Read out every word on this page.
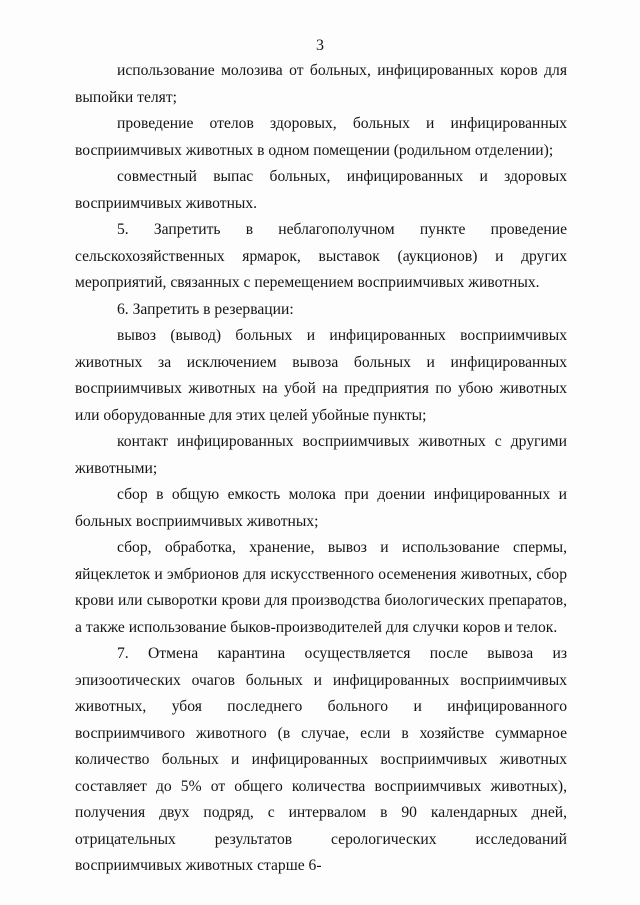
3

использование молозива от больных, инфицированных коров для выпойки телят;

проведение отелов здоровых, больных и инфицированных восприимчивых животных в одном помещении (родильном отделении);

совместный выпас больных, инфицированных и здоровых восприимчивых животных.

5. Запретить в неблагополучном пункте проведение сельскохозяйственных ярмарок, выставок (аукционов) и других мероприятий, связанных с перемещением восприимчивых животных.

6. Запретить в резервации:

вывоз (вывод) больных и инфицированных восприимчивых животных за исключением вывоза больных и инфицированных восприимчивых животных на убой на предприятия по убою животных или оборудованные для этих целей убойные пункты;

контакт инфицированных восприимчивых животных с другими животными;

сбор в общую емкость молока при доении инфицированных и больных восприимчивых животных;

сбор, обработка, хранение, вывоз и использование спермы, яйцеклеток и эмбрионов для искусственного осеменения животных, сбор крови или сыворотки крови для производства биологических препаратов, а также использование быков-производителей для случки коров и телок.

7. Отмена карантина осуществляется после вывоза из эпизоотических очагов больных и инфицированных восприимчивых животных, убоя последнего больного и инфицированного восприимчивого животного (в случае, если в хозяйстве суммарное количество больных и инфицированных восприимчивых животных составляет до 5% от общего количества восприимчивых животных), получения двух подряд, с интервалом в 90 календарных дней, отрицательных результатов серологических исследований восприимчивых животных старше 6-
